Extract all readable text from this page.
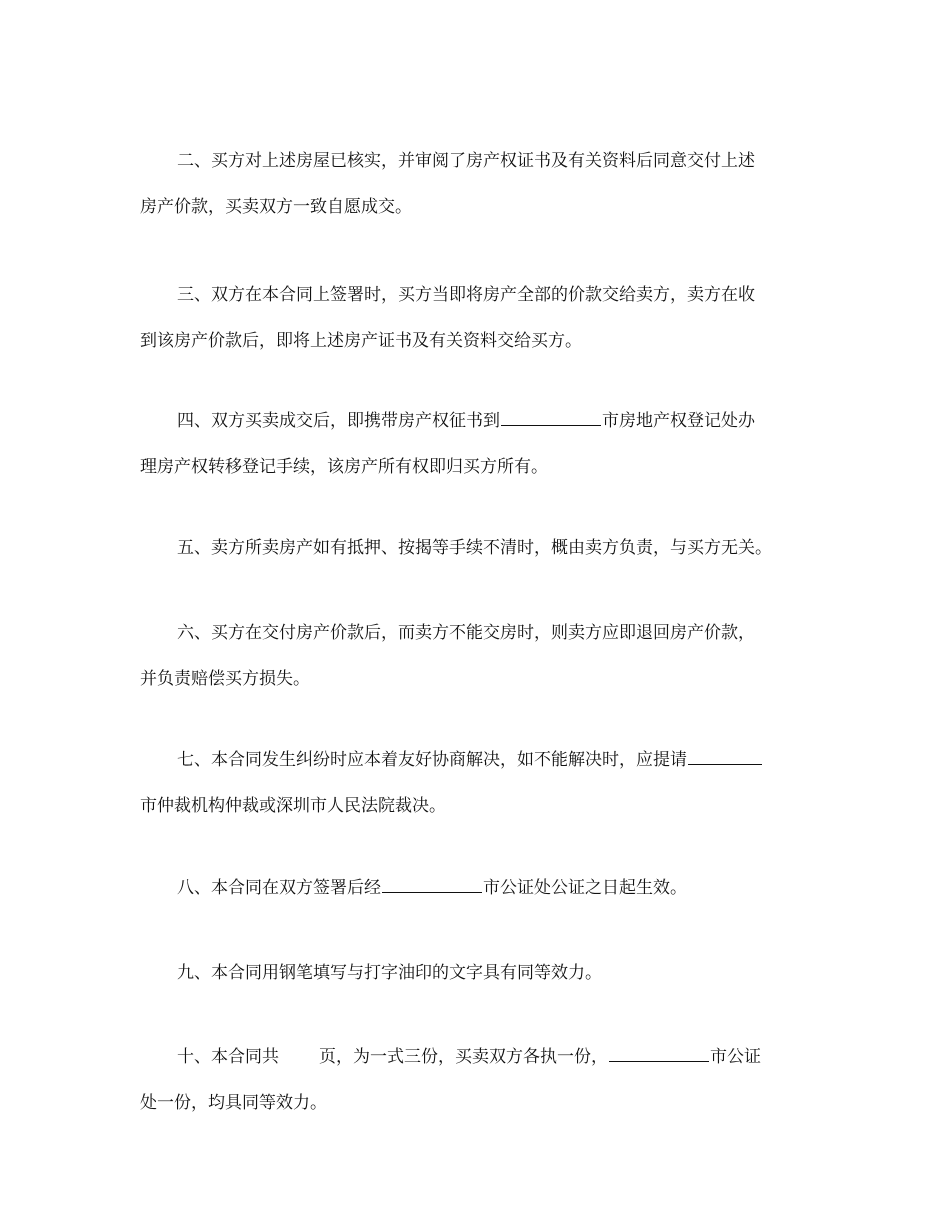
二、买方对上述房屋已核实，并审阅了房产权证书及有关资料后同意交付上述
房产价款，买卖双方一致自愿成交。
三、双方在本合同上签署时，买方当即将房产全部的价款交给卖方，卖方在收
到该房产价款后，即将上述房产证书及有关资料交给买方。
四、双方买卖成交后，即携带房产权征书到	市房地产权登记处办
理房产权转移登记手续，该房产所有权即归买方所有。
五、卖方所卖房产如有抵押、按揭等手续不清时，概由卖方负责，与买方无关。
六、买方在交付房产价款后，而卖方不能交房时，则卖方应即退回房产价款，
并负责赔偿买方损失。
七、本合同发生纠纷时应本着友好协商解决，如不能解决时，应提请
市仲裁机构仲裁或深圳市人民法院裁决。
八、本合同在双方签署后经	市公证处公证之日起生效。
九、本合同用钢笔填写与打字油印的文字具有同等效力。
十、本合同共 页，为一式三份，买卖双方各执一份，	市公证
处一份，均具同等效力。
